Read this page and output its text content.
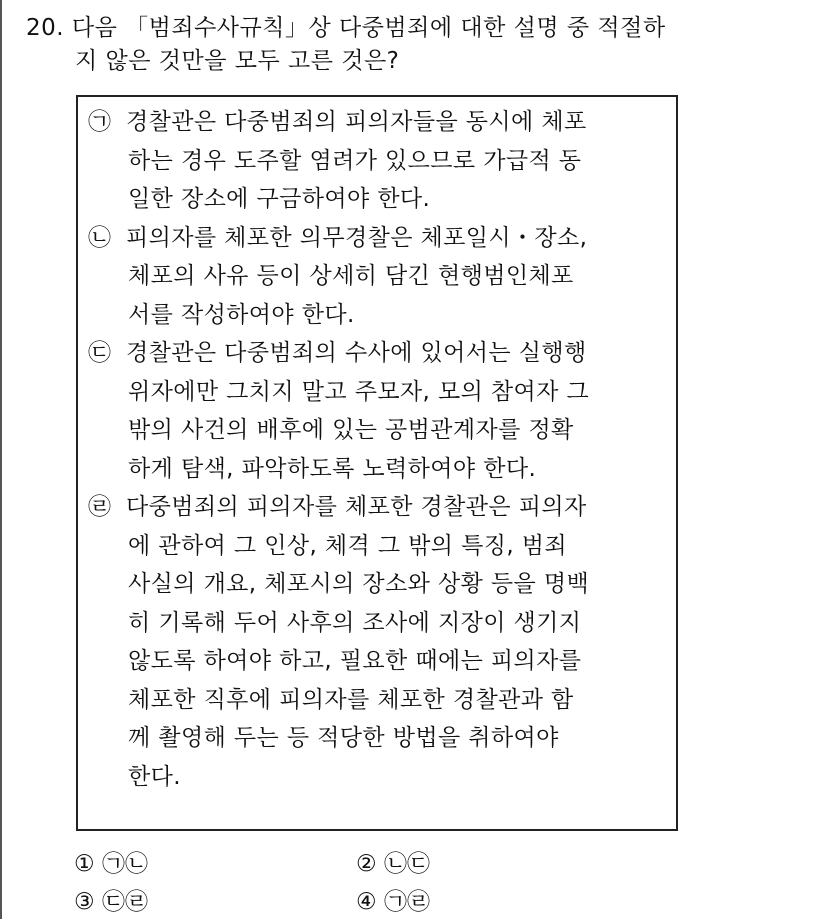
20. 다음 「범죄수사규칙」상 다중범죄에 대한 설명 중 적절하
지 않은 것만을 모두 고른 것은?
㉠ 경찰관은 다중범죄의 피의자들을 동시에 체포
하는 경우 도주할 염려가 있으므로 가급적 동
일한 장소에 구금하여야 한다.
㉡ 피의자를 체포한 의무경찰은 체포일시・장소,
체포의 사유 등이 상세히 담긴 현행범인체포
서를 작성하여야 한다.
㉢ 경찰관은 다중범죄의 수사에 있어서는 실행행
위자에만 그치지 말고 주모자, 모의 참여자 그
밖의 사건의 배후에 있는 공범관계자를 정확
하게 탐색, 파악하도록 노력하여야 한다.
㉣ 다중범죄의 피의자를 체포한 경찰관은 피의자
에 관하여 그 인상, 체격 그 밖의 특징, 범죄
사실의 개요, 체포시의 장소와 상황 등을 명백
히 기록해 두어 사후의 조사에 지장이 생기지
않도록 하여야 하고, 필요한 때에는 피의자를
체포한 직후에 피의자를 체포한 경찰관과 함
께 촬영해 두는 등 적당한 방법을 취하여야
한다.
① ㉠㉡	② ㉡㉢
③ ㉢㉣	④ ㉠㉣
